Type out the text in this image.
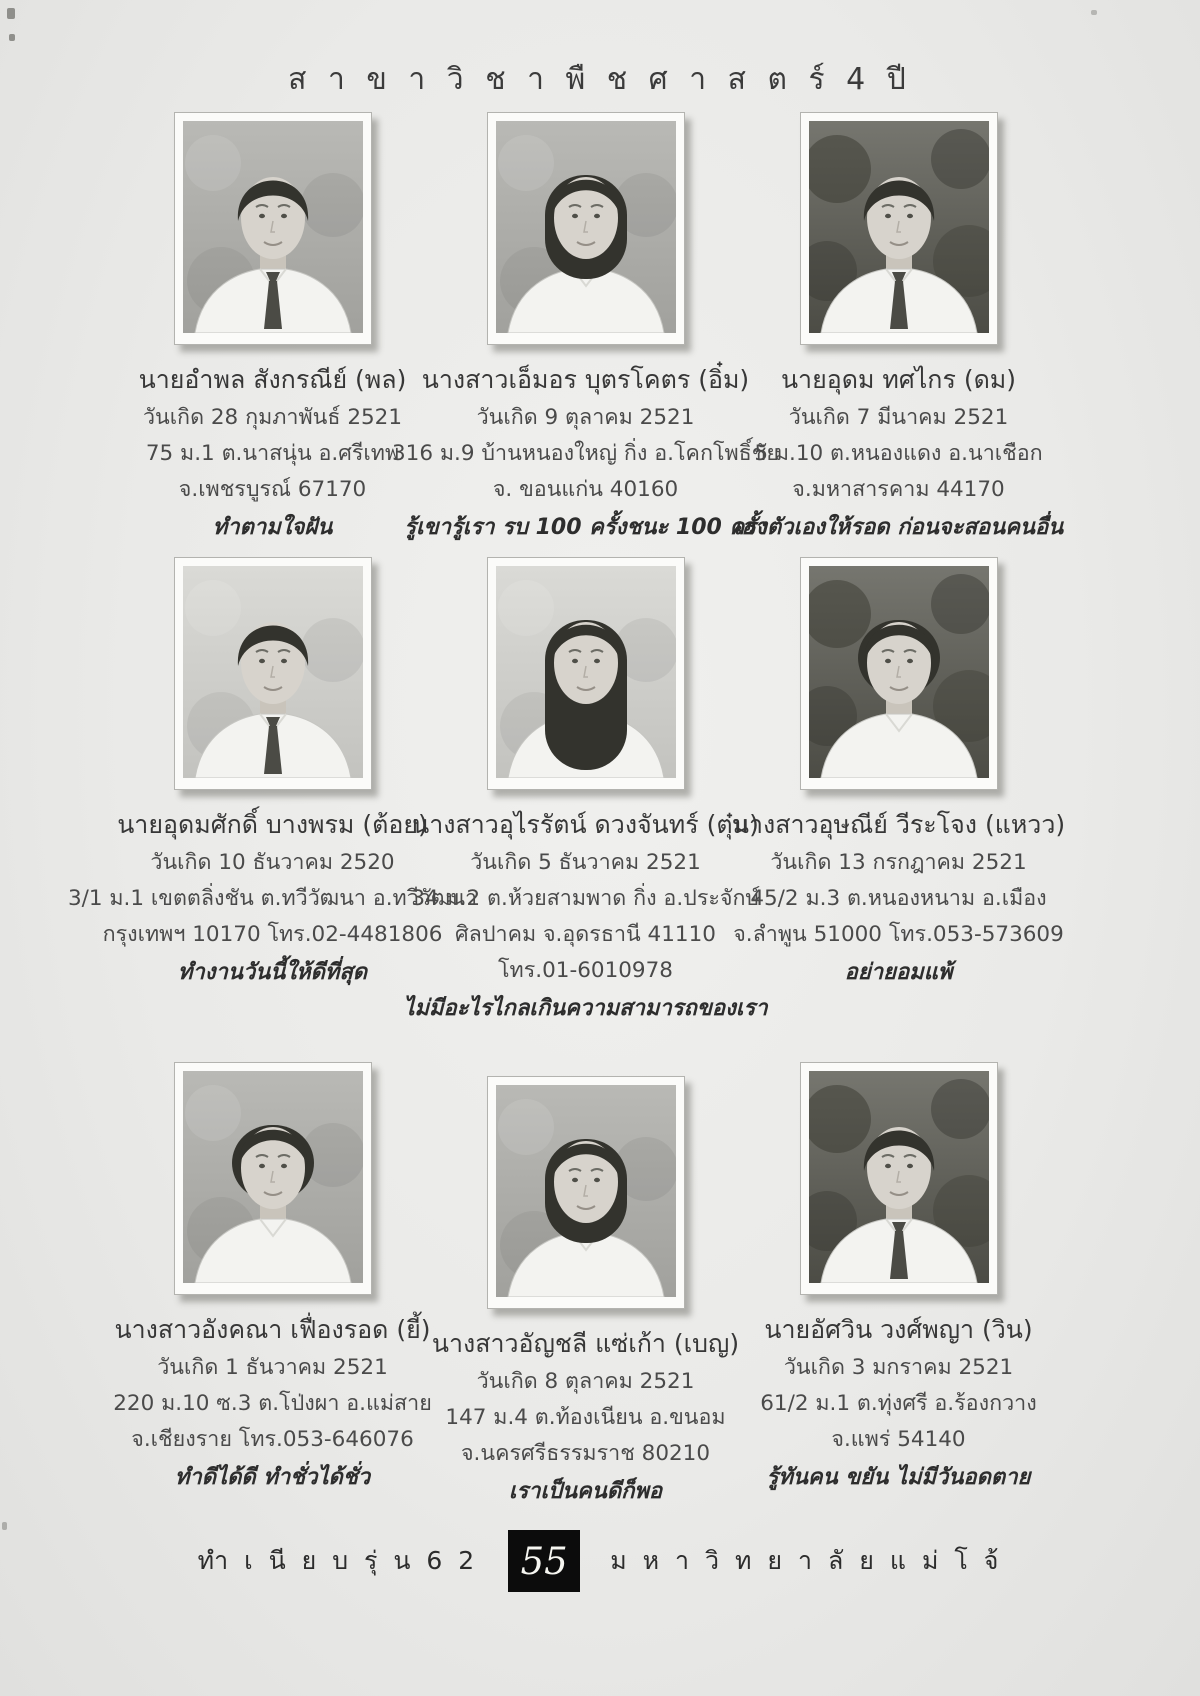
ส า ข า วิ ช า พื ช ศ า ส ต ร์ 4 ปี
นายอำพล สังกรณีย์ (พล)
วันเกิด 28 กุมภาพันธ์ 2521
75 ม.1 ต.นาสนุ่น อ.ศรีเทพ
จ.เพชรบูรณ์ 67170
ทำตามใจฝัน
นางสาวเอ็มอร บุตรโคตร (อิ๋ม)
วันเกิด 9 ตุลาคม 2521
316 ม.9 บ้านหนองใหญ่ กิ่ง อ.โคกโพธิ์ชัย
จ. ขอนแก่น 40160
รู้เขารู้เรา รบ 100 ครั้งชนะ 100 ครั้ง
นายอุดม ทศไกร (ดม)
วันเกิด 7 มีนาคม 2521
5 ม.10 ต.หนองแดง อ.นาเชือก
จ.มหาสารคาม 44170
เอาตัวเองให้รอด ก่อนจะสอนคนอื่น
นายอุดมศักดิ์ บางพรม (ต้อย)
วันเกิด 10 ธันวาคม 2520
3/1 ม.1 เขตตลิ่งชัน ต.ทวีวัฒนา อ.ทวีวัฒนา
กรุงเทพฯ 10170 โทร.02-4481806
ทำงานวันนี้ให้ดีที่สุด
นางสาวอุไรรัตน์ ดวงจันทร์ (ตุ๋ม)
วันเกิด 5 ธันวาคม 2521
34 ม.2 ต.ห้วยสามพาด กิ่ง อ.ประจักษ์
ศิลปาคม จ.อุดรธานี 41110
โทร.01-6010978
ไม่มีอะไรไกลเกินความสามารถของเรา
นางสาวอุษณีย์ วีระโจง (แหวว)
วันเกิด 13 กรกฎาคม 2521
45/2 ม.3 ต.หนองหนาม อ.เมือง
จ.ลำพูน 51000 โทร.053-573609
อย่ายอมแพ้
นางสาวอังคณา เฟื่องรอด (ยี้)
วันเกิด 1 ธันวาคม 2521
220 ม.10 ซ.3 ต.โป่งผา อ.แม่สาย
จ.เชียงราย โทร.053-646076
ทำดีได้ดี ทำชั่วได้ชั่ว
นางสาวอัญชลี แซ่เก้า (เบญ)
วันเกิด 8 ตุลาคม 2521
147 ม.4 ต.ท้องเนียน อ.ขนอม
จ.นครศรีธรรมราช 80210
เราเป็นคนดีก็พอ
นายอัศวิน วงศ์พญา (วิน)
วันเกิด 3 มกราคม 2521
61/2 ม.1 ต.ทุ่งศรี อ.ร้องกวาง
จ.แพร่ 54140
รู้ทันคน ขยัน ไม่มีวันอดตาย
ทำ เ นี ย บ รุ่ น 6 2 55 ม ห า วิ ท ย า ลั ย แ ม่ โ จ้
